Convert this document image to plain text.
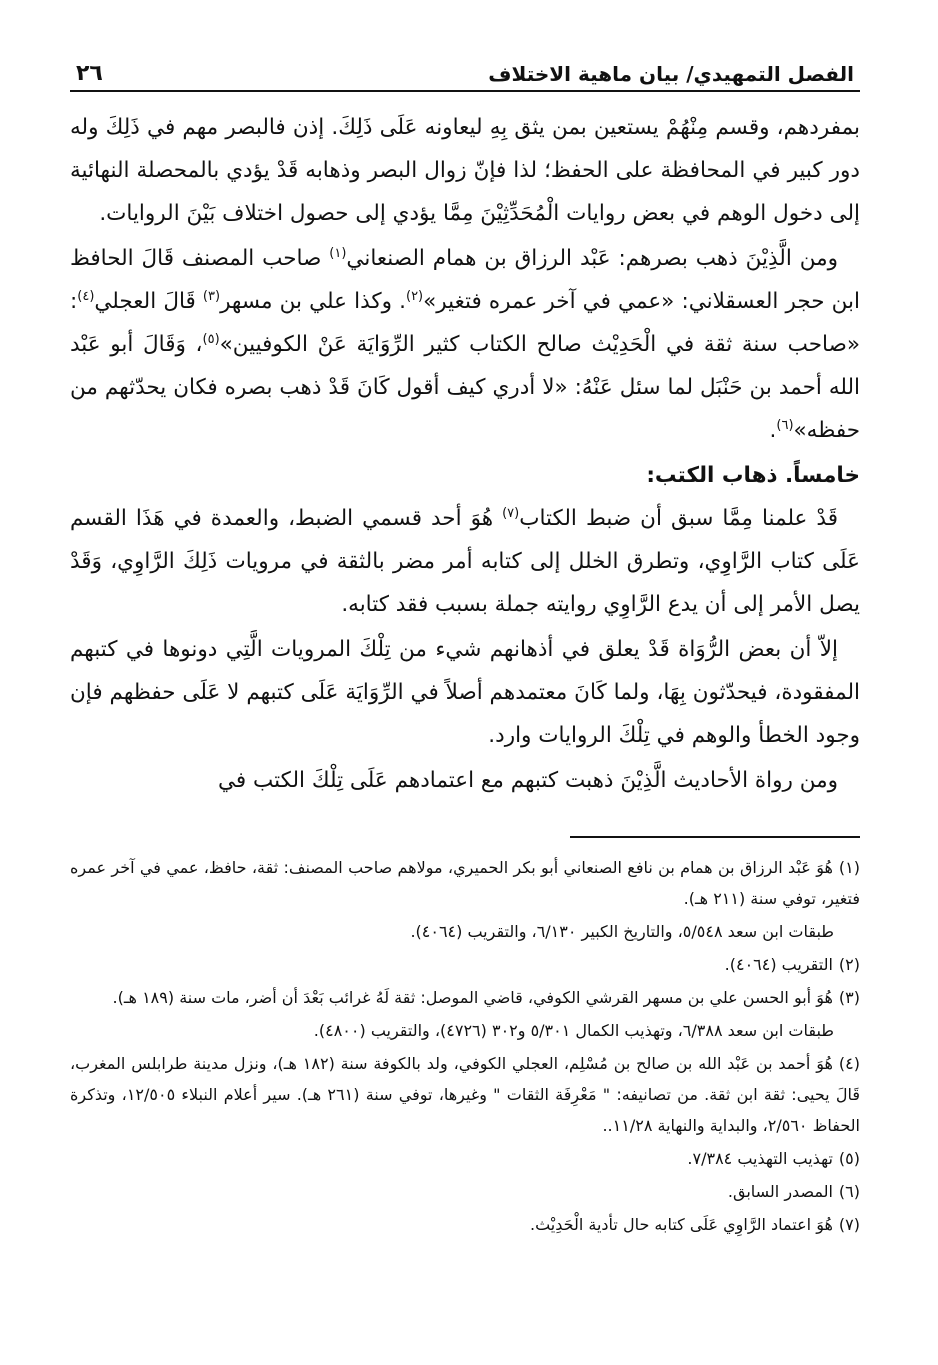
الفصل التمهيدي/ بيان ماهية الاختلاف
٢٦

بمفردهم، وقسم مِنْهُمْ يستعين بمن يثق بِهِ ليعاونه عَلَى ذَلِكَ. إذن فالبصر مهم في ذَلِكَ وله دور كبير في المحافظة على الحفظ؛ لذا فإنّ زوال البصر وذهابه قَدْ يؤدي بالمحصلة النهائية إلى دخول الوهم في بعض روايات الْمُحَدِّثِيْنَ مِمَّا يؤدي إلى حصول اختلاف بَيْنَ الروايات.

ومن الَّذِيْنَ ذهب بصرهم: عَبْد الرزاق بن همام الصنعاني$^{(١)}$ صاحب المصنف قَالَ الحافظ ابن حجر العسقلاني: «عمي في آخر عمره فتغير»$^{(٢)}$. وكذا علي بن مسهر$^{(٣)}$ قَالَ العجلي$^{(٤)}$: «صاحب سنة ثقة في الْحَدِيْث صالح الكتاب كثير الرِّوَايَة عَنْ الكوفيين»$^{(٥)}$، وَقَالَ أبو عَبْد الله أحمد بن حَنْبَل لما سئل عَنْهُ: «لا أدري كيف أقول كَانَ قَدْ ذهب بصره فكان يحدّثهم من حفظه»$^{(٦)}$.

خامساً. ذهاب الكتب:

قَدْ علمنا مِمَّا سبق أن ضبط الكتاب$^{(٧)}$ هُوَ أحد قسمي الضبط، والعمدة في هَذَا القسم عَلَى كتاب الرَّاوِي، وتطرق الخلل إلى كتابه أمر مضر بالثقة في مرويات ذَلِكَ الرَّاوِي، وَقَدْ يصل الأمر إلى أن يدع الرَّاوِي روايته جملة بسبب فقد كتابه.

إلاّ أن بعض الرُّوَاة قَدْ يعلق في أذهانهم شيء من تِلْكَ المرويات الَّتِي دونوها في كتبهم المفقودة، فيحدّثون بِهَا، ولما كَانَ معتمدهم أصلاً في الرِّوَايَة عَلَى كتبهم لا عَلَى حفظهم فإن وجود الخطأ والوهم في تِلْكَ الروايات وارد.

ومن رواة الأحاديث الَّذِيْنَ ذهبت كتبهم مع اعتمادهم عَلَى تِلْكَ الكتب في

(١)هُوَ عَبْد الرزاق بن همام بن نافع الصنعاني أبو بكر الحميري، مولاهم صاحب المصنف: ثقة، حافظ، عمي في آخر عمره فتغير، توفي سنة (٢١١ هـ).

طبقات ابن سعد ٥/٥٤٨، والتاريخ الكبير ٦/١٣٠، والتقريب (٤٠٦٤).

(٢)التقريب (٤٠٦٤).

(٣)هُوَ أبو الحسن علي بن مسهر القرشي الكوفي، قاضي الموصل: ثقة لَهُ غرائب بَعْدَ أن أضر، مات سنة (١٨٩ هـ).

طبقات ابن سعد ٦/٣٨٨، وتهذيب الكمال ٥/٣٠١ و٣٠٢ (٤٧٢٦)، والتقريب (٤٨٠٠).

(٤)هُوَ أحمد بن عَبْد الله بن صالح بن مُسْلِم، العجلي الكوفي، ولد بالكوفة سنة (١٨٢ هـ)، ونزل مدينة طرابلس المغرب، قَالَ يحيى: ثقة ابن ثقة. من تصانيفه: " مَعْرِفَة الثقات " وغيرها، توفي سنة (٢٦١ هـ). سير أعلام النبلاء ١٢/٥٠٥، وتذكرة الحفاظ ٢/٥٦٠، والبداية والنهاية ١١/٢٨..

(٥)تهذيب التهذيب ٧/٣٨٤.

(٦)المصدر السابق.

(٧)هُوَ اعتماد الرَّاوِي عَلَى كتابه حال تأدية الْحَدِيْث.
